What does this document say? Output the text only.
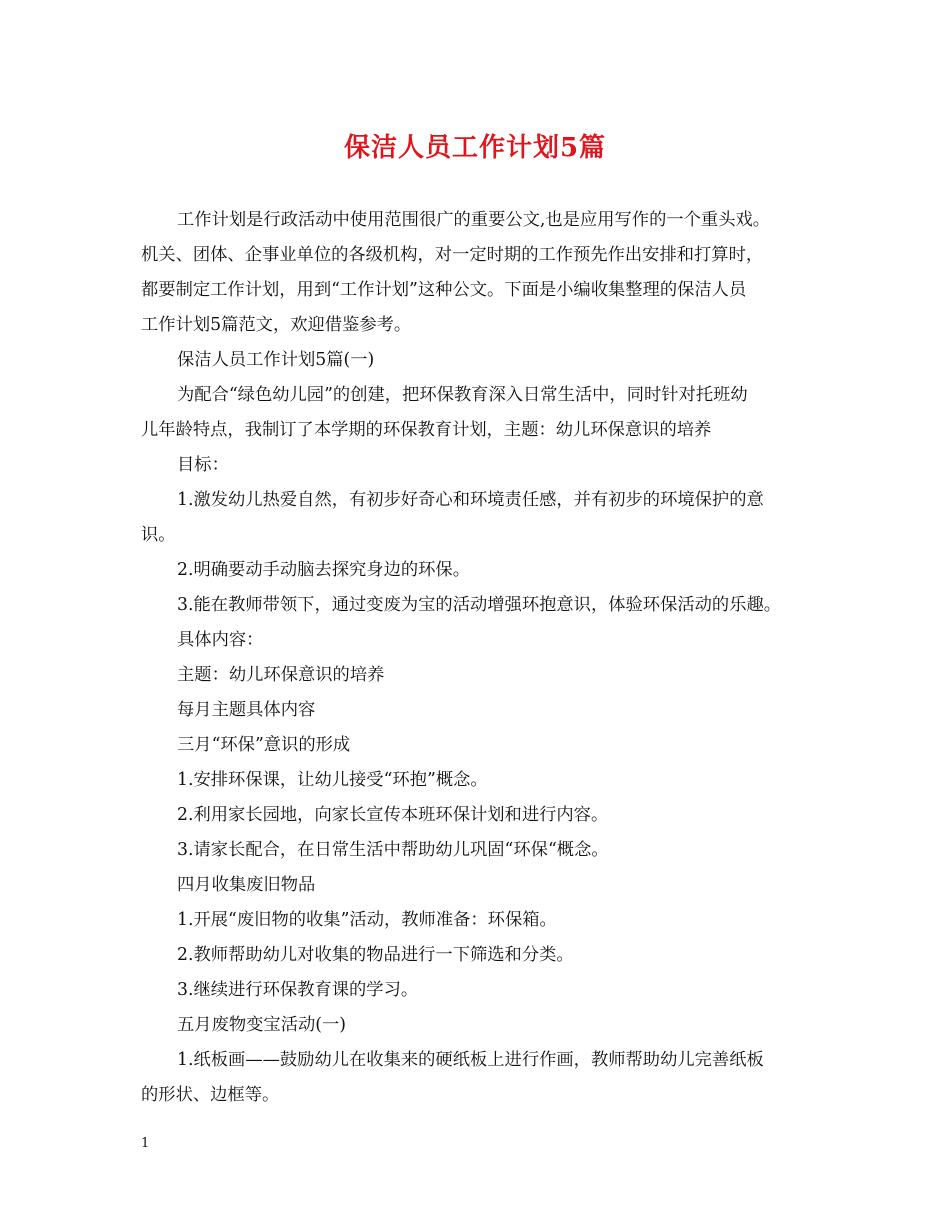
保洁人员工作计划5篇

工作计划是行政活动中使用范围很广的重要公文,也是应用写作的一个重头戏。

机关、团体、企事业单位的各级机构，对一定时期的工作预先作出安排和打算时，

都要制定工作计划，用到“工作计划”这种公文。下面是小编收集整理的保洁人员

工作计划5篇范文，欢迎借鉴参考。

保洁人员工作计划5篇(一)

为配合“绿色幼儿园”的创建，把环保教育深入日常生活中，同时针对托班幼

儿年龄特点，我制订了本学期的环保教育计划，主题：幼儿环保意识的培养

目标：

1.激发幼儿热爱自然，有初步好奇心和环境责任感，并有初步的环境保护的意

识。

2.明确要动手动脑去探究身边的环保。

3.能在教师带领下，通过变废为宝的活动增强环抱意识，体验环保活动的乐趣。

具体内容：

主题：幼儿环保意识的培养

每月主题具体内容

三月“环保”意识的形成

1.安排环保课，让幼儿接受“环抱”概念。

2.利用家长园地，向家长宣传本班环保计划和进行内容。

3.请家长配合，在日常生活中帮助幼儿巩固“环保“概念。

四月收集废旧物品

1.开展“废旧物的收集”活动，教师准备：环保箱。

2.教师帮助幼儿对收集的物品进行一下筛选和分类。

3.继续进行环保教育课的学习。

五月废物变宝活动(一)

1.纸板画——鼓励幼儿在收集来的硬纸板上进行作画，教师帮助幼儿完善纸板

的形状、边框等。

1
